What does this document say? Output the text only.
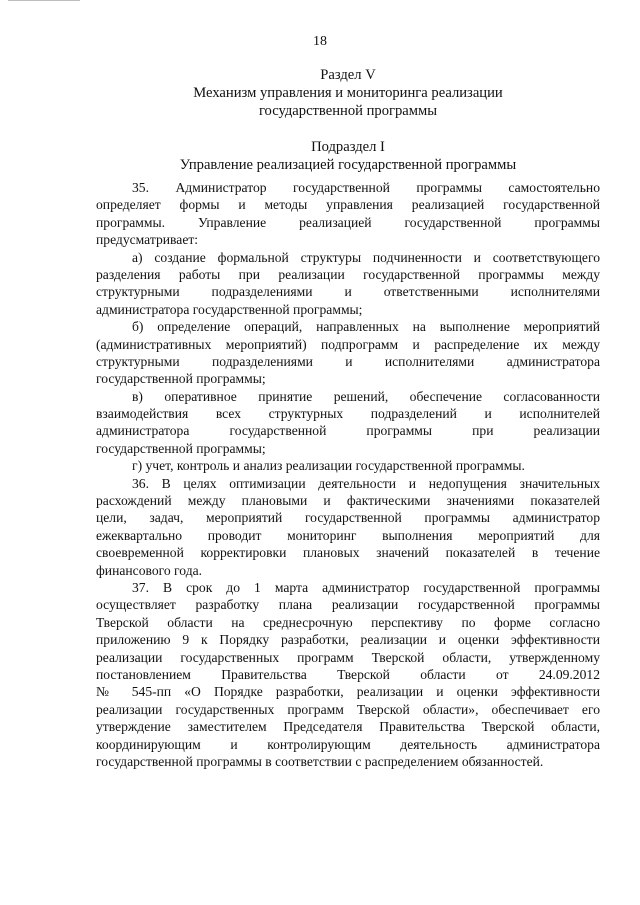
18
Раздел V
Механизм управления и мониторинга реализации
государственной программы
Подраздел I
Управление реализацией государственной программы
35. Администратор государственной программы самостоятельно
определяет формы и методы управления реализацией государственной
программы. Управление реализацией государственной программы
предусматривает:
а) создание формальной структуры подчиненности и соответствующего
разделения работы при реализации государственной программы между
структурными подразделениями и ответственными исполнителями
администратора государственной программы;
б) определение операций, направленных на выполнение мероприятий
(административных мероприятий) подпрограмм и распределение их между
структурными подразделениями и исполнителями администратора
государственной программы;
в) оперативное принятие решений, обеспечение согласованности
взаимодействия всех структурных подразделений и исполнителей
администратора государственной программы при реализации
государственной программы;
г) учет, контроль и анализ реализации государственной программы.
36. В целях оптимизации деятельности и недопущения значительных
расхождений между плановыми и фактическими значениями показателей
цели, задач, мероприятий государственной программы администратор
ежеквартально проводит мониторинг выполнения мероприятий для
своевременной корректировки плановых значений показателей в течение
финансового года.
37. В срок до 1 марта администратор государственной программы
осуществляет разработку плана реализации государственной программы
Тверской области на среднесрочную перспективу по форме согласно
приложению 9 к Порядку разработки, реализации и оценки эффективности
реализации государственных программ Тверской области, утвержденному
постановлением Правительства Тверской области от 24.09.2012
№ 545-пп «О Порядке разработки, реализации и оценки эффективности
реализации государственных программ Тверской области», обеспечивает его
утверждение заместителем Председателя Правительства Тверской области,
координирующим и контролирующим деятельность администратора
государственной программы в соответствии с распределением обязанностей.
